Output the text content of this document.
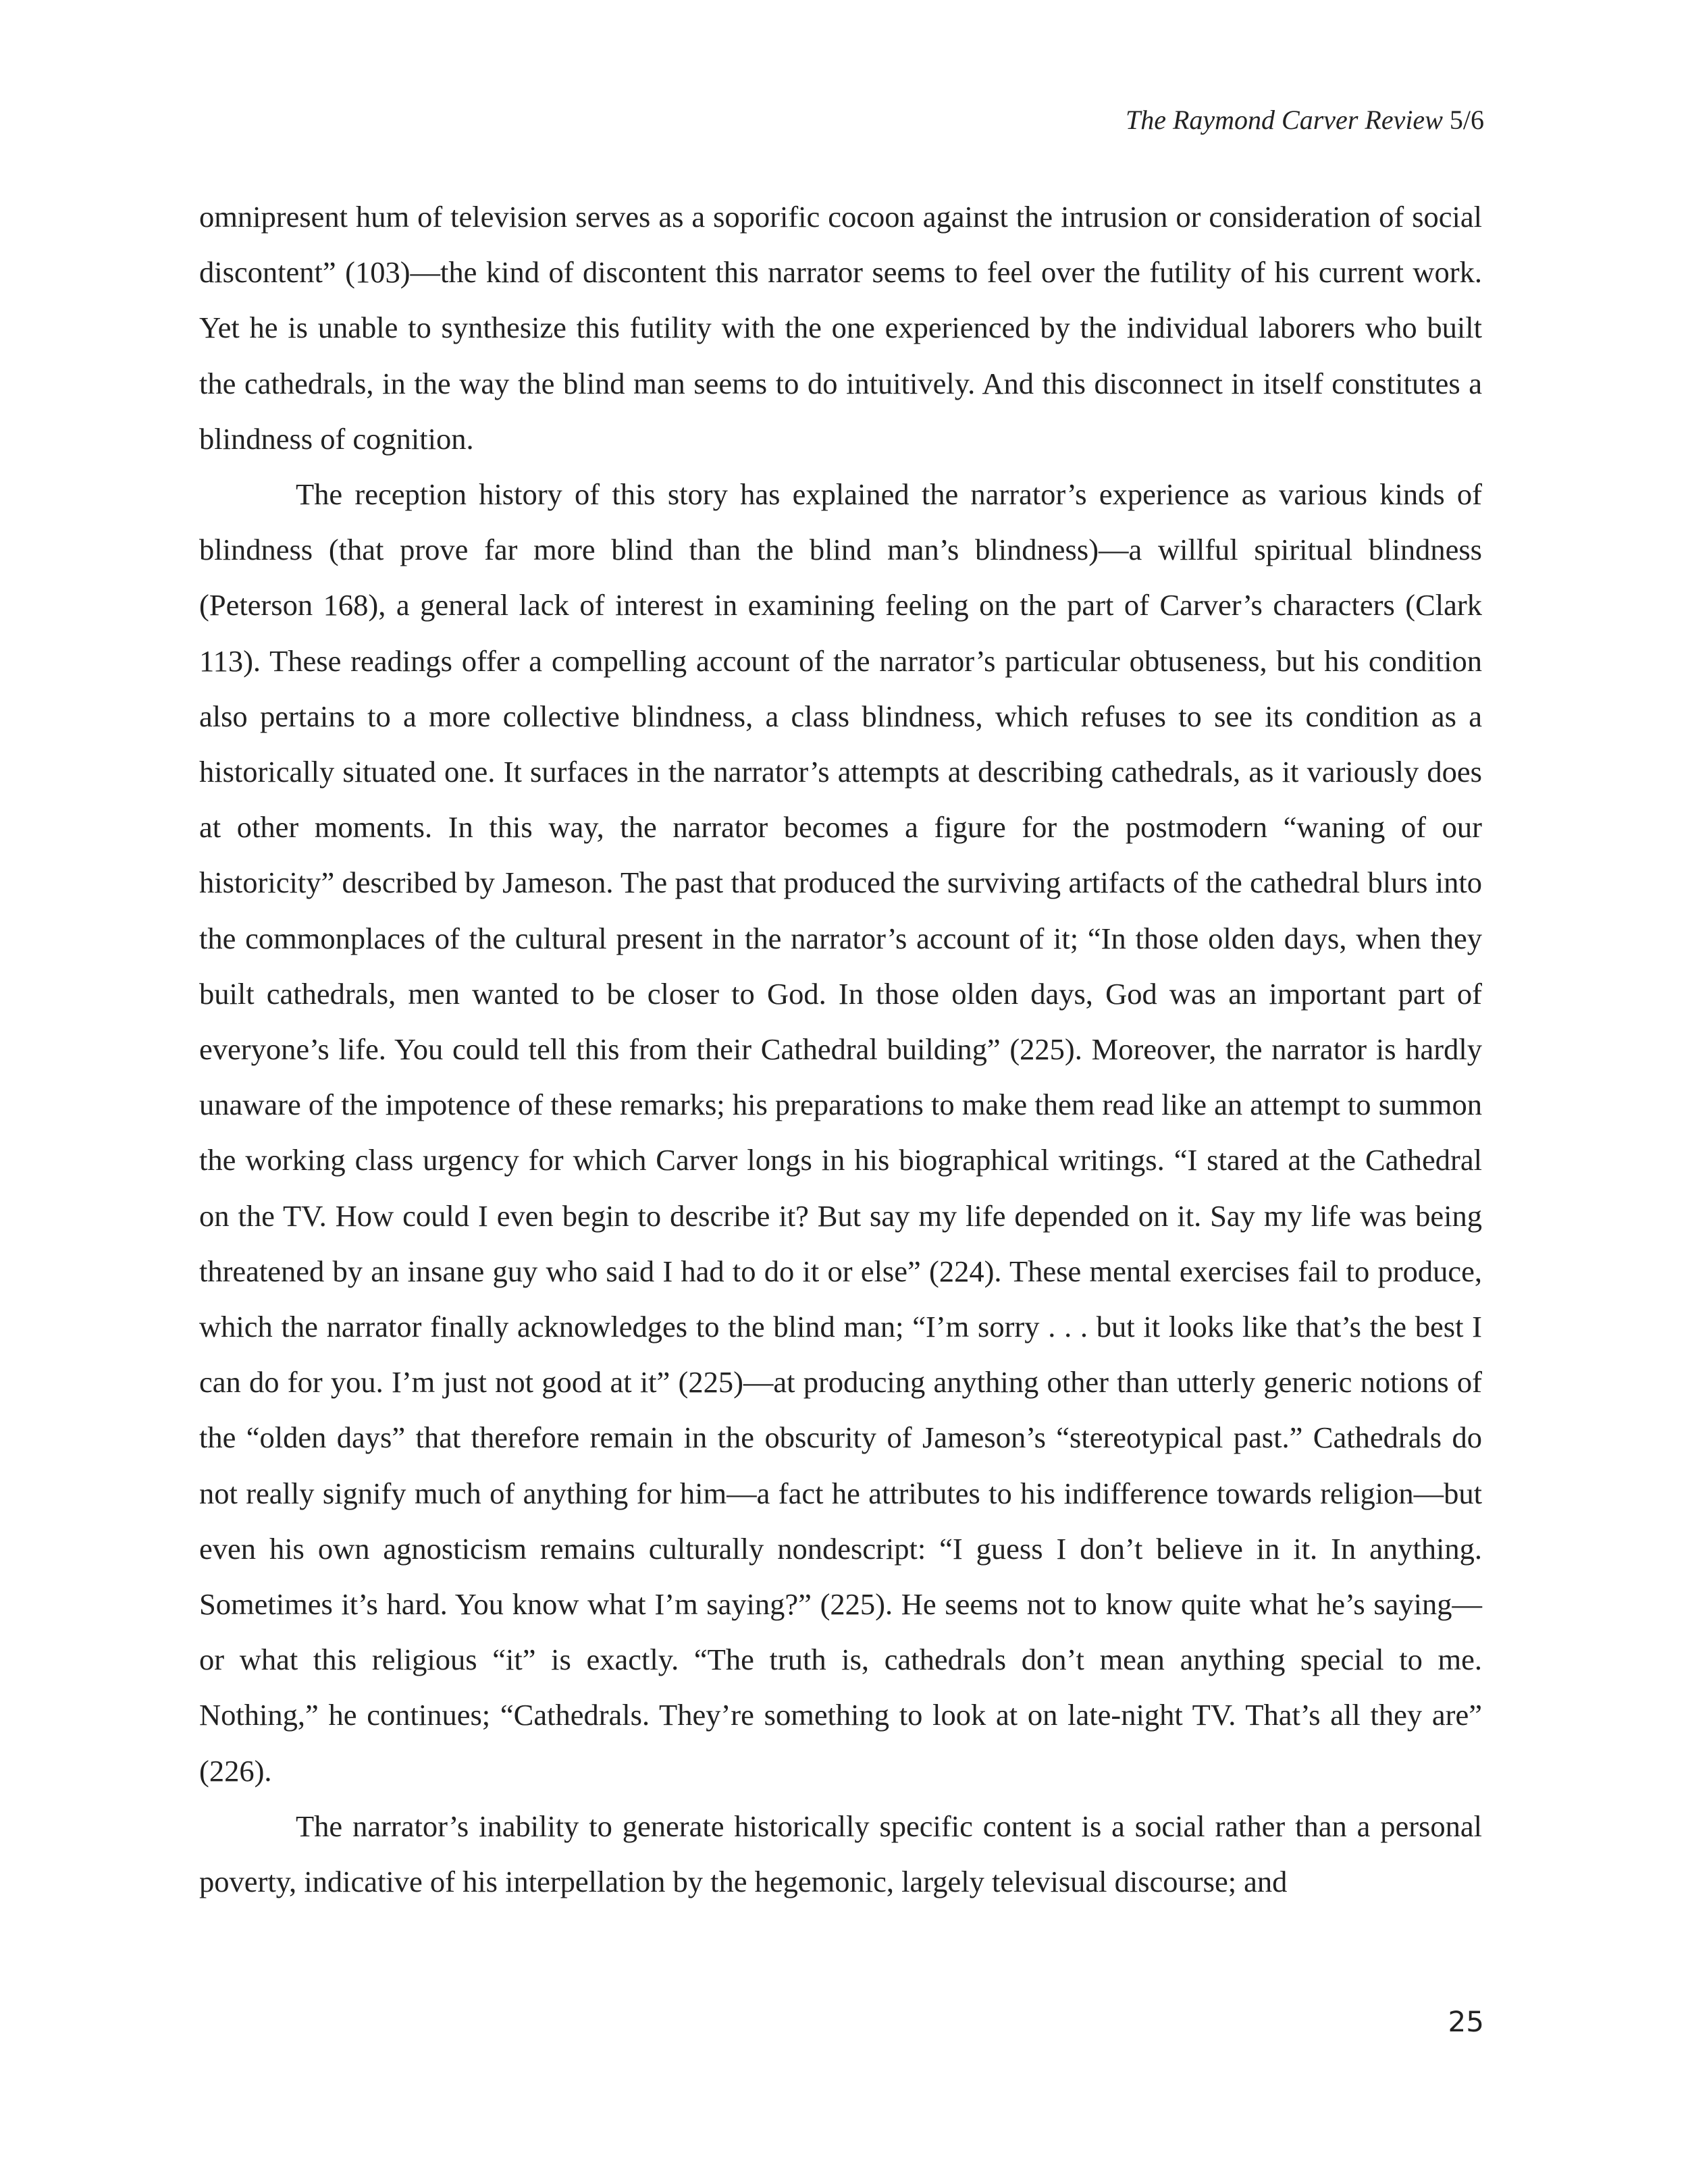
The Raymond Carver Review 5/6

omnipresent hum of television serves as a soporific cocoon against the intrusion or consideration of social discontent” (103)—the kind of discontent this narrator seems to feel over the futility of his current work. Yet he is unable to synthesize this futility with the one experienced by the individual laborers who built the cathedrals, in the way the blind man seems to do intuitively. And this disconnect in itself constitutes a blindness of cognition.

The reception history of this story has explained the narrator’s experience as various kinds of blindness (that prove far more blind than the blind man’s blindness)—a willful spiritual blindness (Peterson 168), a general lack of interest in examining feeling on the part of Carver’s characters (Clark 113). These readings offer a compelling account of the narrator’s particular obtuseness, but his condition also pertains to a more collective blindness, a class blindness, which refuses to see its condition as a historically situated one. It surfaces in the narrator’s attempts at describing cathedrals, as it variously does at other moments. In this way, the narrator becomes a figure for the postmodern “waning of our historicity” described by Jameson. The past that produced the surviving artifacts of the cathedral blurs into the commonplaces of the cultural present in the narrator’s account of it; “In those olden days, when they built cathedrals, men wanted to be closer to God. In those olden days, God was an important part of everyone’s life. You could tell this from their Cathedral building” (225). Moreover, the narrator is hardly unaware of the impotence of these remarks; his preparations to make them read like an attempt to summon the working class urgency for which Carver longs in his biographical writings. “I stared at the Cathedral on the TV. How could I even begin to describe it? But say my life depended on it. Say my life was being threatened by an insane guy who said I had to do it or else” (224). These mental exercises fail to produce, which the narrator finally acknowledges to the blind man; “I’m sorry . . . but it looks like that’s the best I can do for you. I’m just not good at it” (225)—at producing anything other than utterly generic notions of the “olden days” that therefore remain in the obscurity of Jameson’s “stereotypical past.” Cathedrals do not really signify much of anything for him—a fact he attributes to his indifference towards religion—but even his own agnosticism remains culturally nondescript: “I guess I don’t believe in it. In anything. Sometimes it’s hard. You know what I’m saying?” (225). He seems not to know quite what he’s saying—or what this religious “it” is exactly. “The truth is, cathedrals don’t mean anything special to me. Nothing,” he continues; “Cathedrals. They’re something to look at on late-night TV. That’s all they are” (226).

The narrator’s inability to generate historically specific content is a social rather than a personal poverty, indicative of his interpellation by the hegemonic, largely televisual discourse; and

25
